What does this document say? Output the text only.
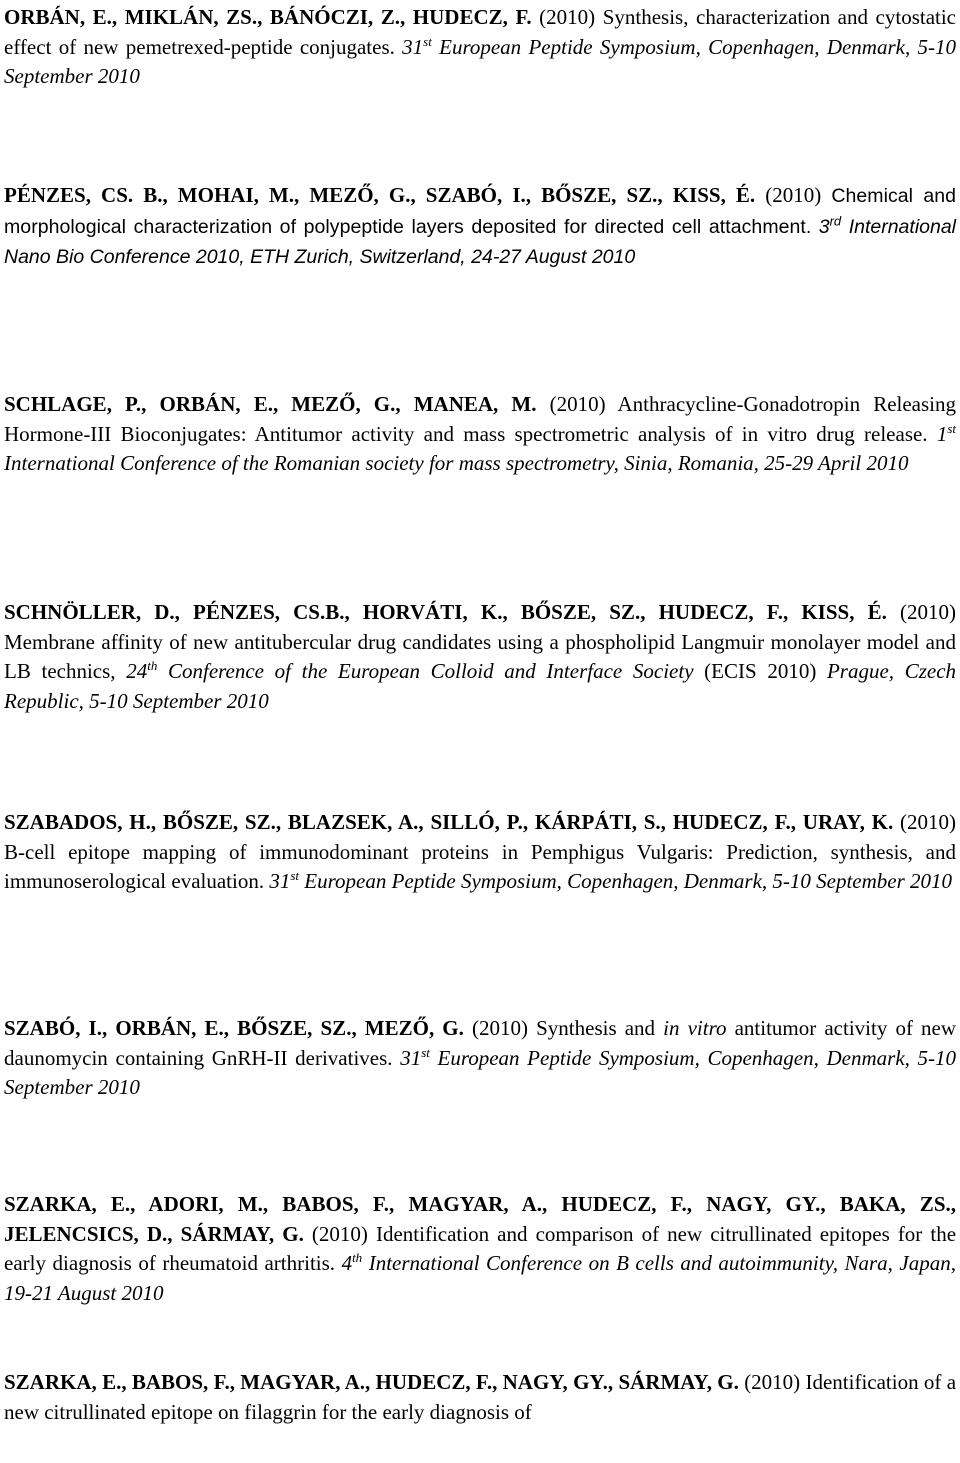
ORBÁN, E., MIKLÁN, ZS., BÁNÓCZI, Z., HUDECZ, F. (2010) Synthesis, characterization and cytostatic effect of new pemetrexed-peptide conjugates. 31st European Peptide Symposium, Copenhagen, Denmark, 5-10 September 2010

PÉNZES, CS. B., MOHAI, M., MEZŐ, G., SZABÓ, I., BŐSZE, SZ., KISS, É. (2010) Chemical and morphological characterization of polypeptide layers deposited for directed cell attachment. 3rd International Nano Bio Conference 2010, ETH Zurich, Switzerland, 24-27 August 2010

SCHLAGE, P., ORBÁN, E., MEZŐ, G., MANEA, M. (2010) Anthracycline-Gonadotropin Releasing Hormone-III Bioconjugates: Antitumor activity and mass spectrometric analysis of in vitro drug release. 1st International Conference of the Romanian society for mass spectrometry, Sinia, Romania, 25-29 April 2010

SCHNÖLLER, D., PÉNZES, CS.B., HORVÁTI, K., BŐSZE, SZ., HUDECZ, F., KISS, É. (2010) Membrane affinity of new antitubercular drug candidates using a phospholipid Langmuir monolayer model and LB technics, 24th Conference of the European Colloid and Interface Society (ECIS 2010) Prague, Czech Republic, 5-10 September 2010

SZABADOS, H., BŐSZE, SZ., BLAZSEK, A., SILLÓ, P., KÁRPÁTI, S., HUDECZ, F., URAY, K. (2010) B-cell epitope mapping of immunodominant proteins in Pemphigus Vulgaris: Prediction, synthesis, and immunoserological evaluation. 31st European Peptide Symposium, Copenhagen, Denmark, 5-10 September 2010

SZABÓ, I., ORBÁN, E., BŐSZE, SZ., MEZŐ, G. (2010) Synthesis and in vitro antitumor activity of new daunomycin containing GnRH-II derivatives. 31st European Peptide Symposium, Copenhagen, Denmark, 5-10 September 2010

SZARKA, E., ADORI, M., BABOS, F., MAGYAR, A., HUDECZ, F., NAGY, GY., BAKA, ZS., JELENCSICS, D., SÁRMAY, G. (2010) Identification and comparison of new citrullinated epitopes for the early diagnosis of rheumatoid arthritis. 4th International Conference on B cells and autoimmunity, Nara, Japan, 19-21 August 2010

SZARKA, E., BABOS, F., MAGYAR, A., HUDECZ, F., NAGY, GY., SÁRMAY, G. (2010) Identification of a new citrullinated epitope on filaggrin for the early diagnosis of
